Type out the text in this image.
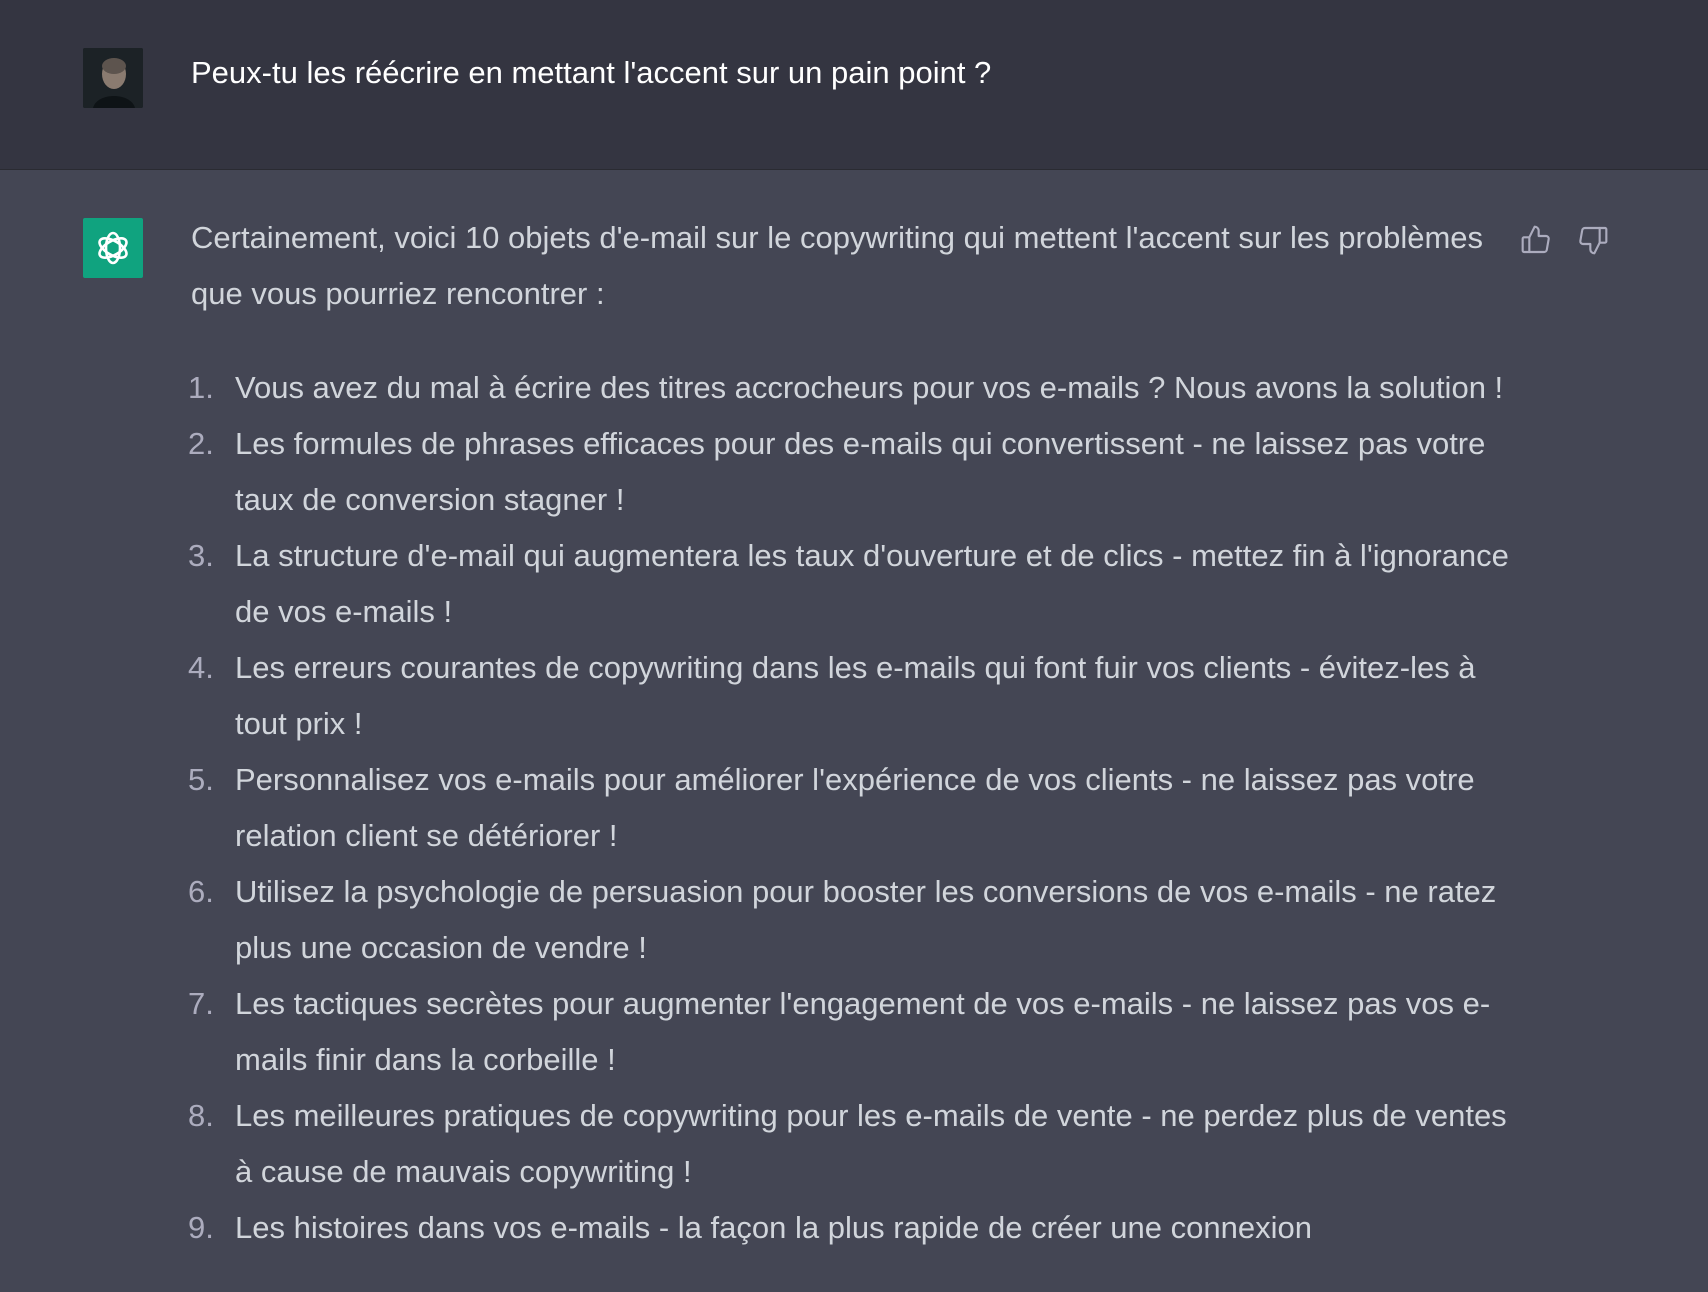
Peux-tu les réécrire en mettant l'accent sur un pain point ?

Certainement, voici 10 objets d'e-mail sur le copywriting qui mettent l'accent sur les problèmes que vous pourriez rencontrer :

1. Vous avez du mal à écrire des titres accrocheurs pour vos e-mails ? Nous avons la solution !
2. Les formules de phrases efficaces pour des e-mails qui convertissent - ne laissez pas votre taux de conversion stagner !
3. La structure d'e-mail qui augmentera les taux d'ouverture et de clics - mettez fin à l'ignorance de vos e-mails !
4. Les erreurs courantes de copywriting dans les e-mails qui font fuir vos clients - évitez-les à tout prix !
5. Personnalisez vos e-mails pour améliorer l'expérience de vos clients - ne laissez pas votre relation client se détériorer !
6. Utilisez la psychologie de persuasion pour booster les conversions de vos e-mails - ne ratez plus une occasion de vendre !
7. Les tactiques secrètes pour augmenter l'engagement de vos e-mails - ne laissez pas vos e-mails finir dans la corbeille !
8. Les meilleures pratiques de copywriting pour les e-mails de vente - ne perdez plus de ventes à cause de mauvais copywriting !
9. Les histoires dans vos e-mails - la façon la plus rapide de créer une connexion
